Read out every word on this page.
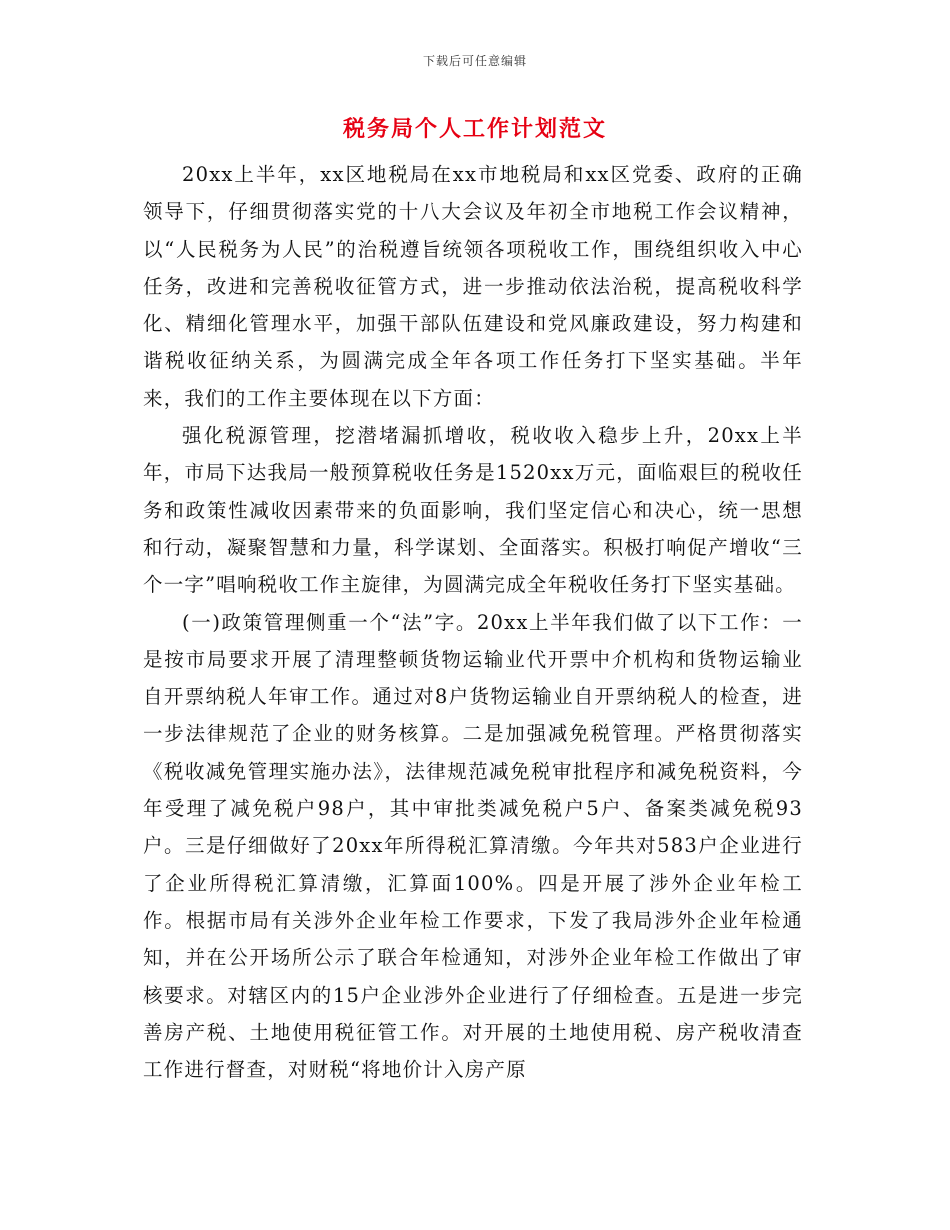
下载后可任意编辑
税务局个人工作计划范文

20xx上半年，xx区地税局在xx市地税局和xx区党委、政府的正确领导下，仔细贯彻落实党的十八大会议及年初全市地税工作会议精神，以“人民税务为人民”的治税遵旨统领各项税收工作，围绕组织收入中心任务，改进和完善税收征管方式，进一步推动依法治税，提高税收科学化、精细化管理水平，加强干部队伍建设和党风廉政建设，努力构建和谐税收征纳关系，为圆满完成全年各项工作任务打下坚实基础。半年来，我们的工作主要体现在以下方面：

强化税源管理，挖潜堵漏抓增收，税收收入稳步上升，20xx上半年，市局下达我局一般预算税收任务是1520xx万元，面临艰巨的税收任务和政策性减收因素带来的负面影响，我们坚定信心和决心，统一思想和行动，凝聚智慧和力量，科学谋划、全面落实。积极打响促产增收“三个一字”唱响税收工作主旋律，为圆满完成全年税收任务打下坚实基础。

(一)政策管理侧重一个“法”字。20xx上半年我们做了以下工作：一是按市局要求开展了清理整顿货物运输业代开票中介机构和货物运输业自开票纳税人年审工作。通过对8户货物运输业自开票纳税人的检查，进一步法律规范了企业的财务核算。二是加强减免税管理。严格贯彻落实《税收减免管理实施办法》，法律规范减免税审批程序和减免税资料，今年受理了减免税户98户，其中审批类减免税户5户、备案类减免税93户。三是仔细做好了20xx年所得税汇算清缴。今年共对583户企业进行了企业所得税汇算清缴，汇算面100%。四是开展了涉外企业年检工作。根据市局有关涉外企业年检工作要求，下发了我局涉外企业年检通知，并在公开场所公示了联合年检通知，对涉外企业年检工作做出了审核要求。对辖区内的15户企业涉外企业进行了仔细检查。五是进一步完善房产税、土地使用税征管工作。对开展的土地使用税、房产税收清查工作进行督查，对财税“将地价计入房产原
